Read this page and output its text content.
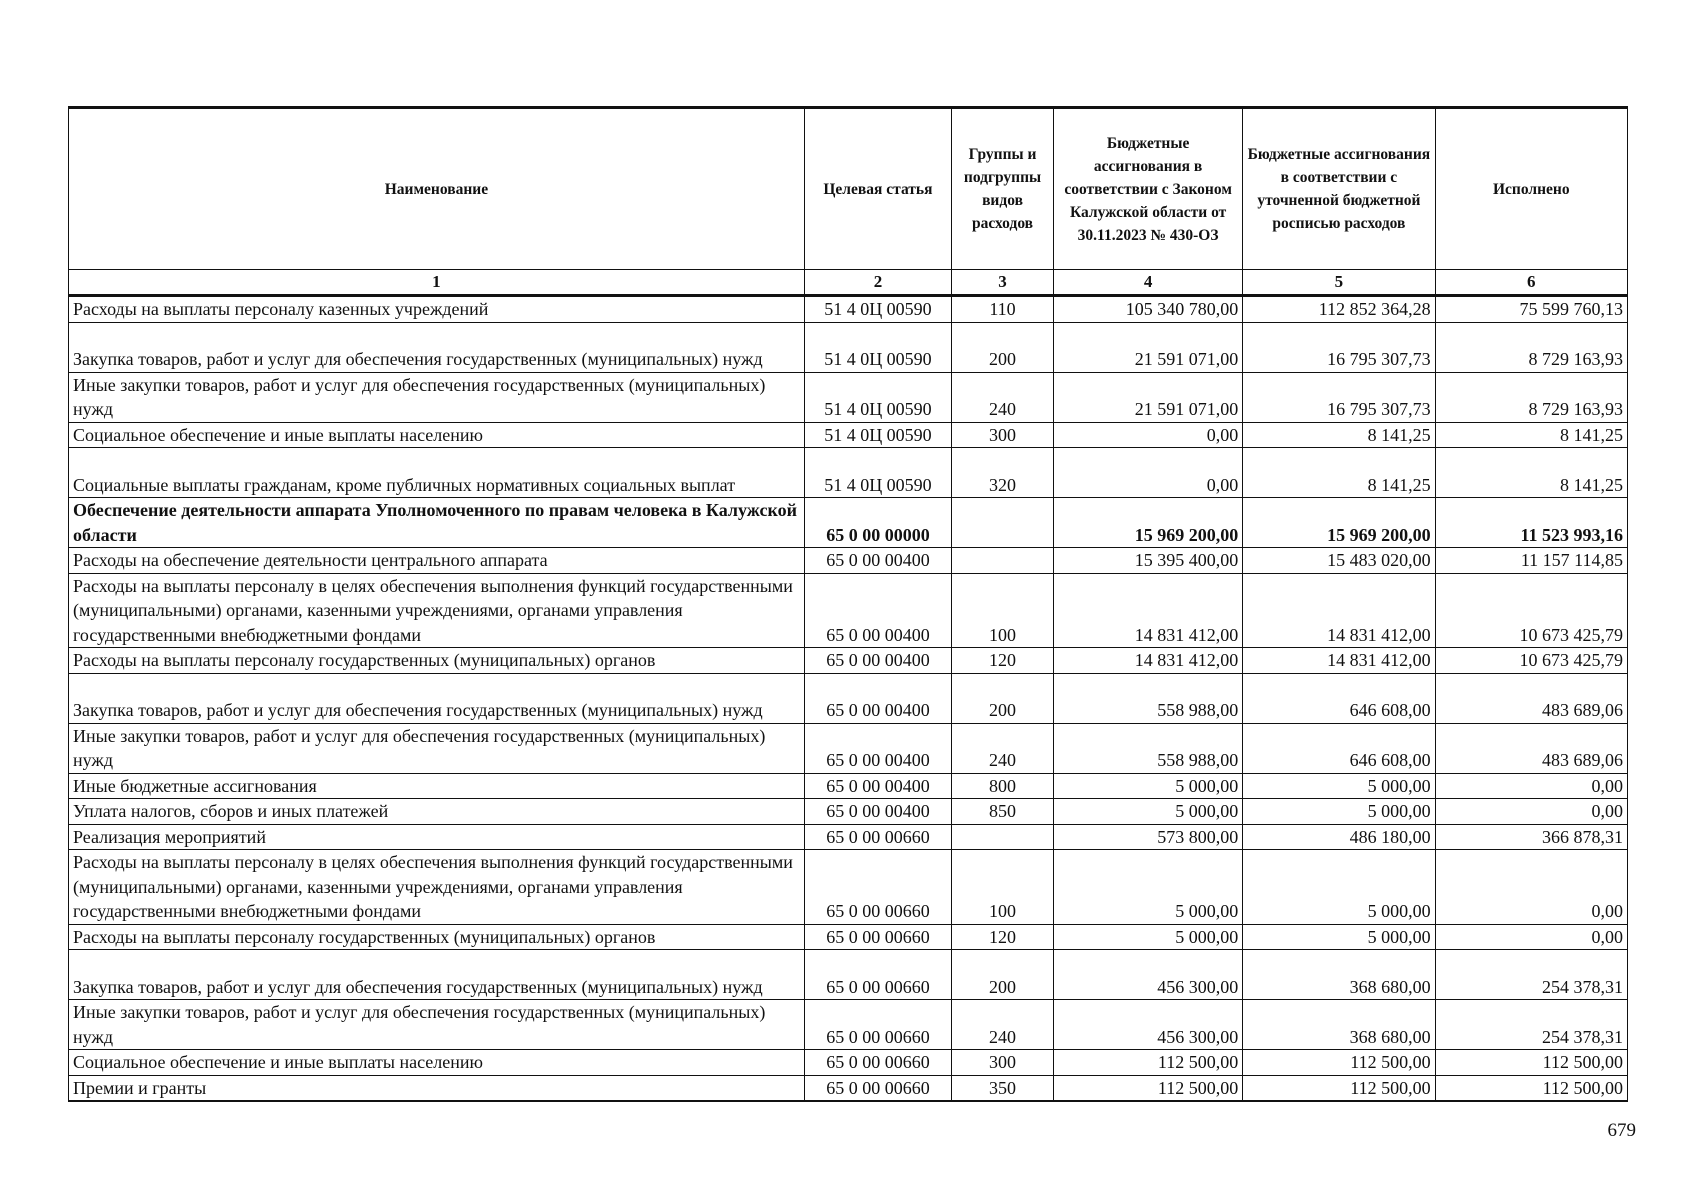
Наименование	Целевая статья	Группы и подгруппы видов расходов	Бюджетные ассигнования в соответствии с Законом Калужской области от 30.11.2023 № 430-ОЗ	Бюджетные ассигнования в соответствии с уточненной бюджетной росписью расходов	Исполнено
1	2	3	4	5	6
Расходы на выплаты персоналу казенных учреждений	51 4 0Ц 00590	110	105 340 780,00	112 852 364,28	75 599 760,13
Закупка товаров, работ и услуг для обеспечения государственных (муниципальных) нужд	51 4 0Ц 00590	200	21 591 071,00	16 795 307,73	8 729 163,93
Иные закупки товаров, работ и услуг для обеспечения государственных (муниципальных) нужд	51 4 0Ц 00590	240	21 591 071,00	16 795 307,73	8 729 163,93
Социальное обеспечение и иные выплаты населению	51 4 0Ц 00590	300	0,00	8 141,25	8 141,25
Социальные выплаты гражданам, кроме публичных нормативных социальных выплат	51 4 0Ц 00590	320	0,00	8 141,25	8 141,25
Обеспечение деятельности аппарата Уполномоченного по правам человека в Калужской области	65 0 00 00000		15 969 200,00	15 969 200,00	11 523 993,16
Расходы на обеспечение деятельности центрального аппарата	65 0 00 00400		15 395 400,00	15 483 020,00	11 157 114,85
Расходы на выплаты персоналу в целях обеспечения выполнения функций государственными (муниципальными) органами, казенными учреждениями, органами управления государственными внебюджетными фондами	65 0 00 00400	100	14 831 412,00	14 831 412,00	10 673 425,79
Расходы на выплаты персоналу государственных (муниципальных) органов	65 0 00 00400	120	14 831 412,00	14 831 412,00	10 673 425,79
Закупка товаров, работ и услуг для обеспечения государственных (муниципальных) нужд	65 0 00 00400	200	558 988,00	646 608,00	483 689,06
Иные закупки товаров, работ и услуг для обеспечения государственных (муниципальных) нужд	65 0 00 00400	240	558 988,00	646 608,00	483 689,06
Иные бюджетные ассигнования	65 0 00 00400	800	5 000,00	5 000,00	0,00
Уплата налогов, сборов и иных платежей	65 0 00 00400	850	5 000,00	5 000,00	0,00
Реализация мероприятий	65 0 00 00660		573 800,00	486 180,00	366 878,31
Расходы на выплаты персоналу в целях обеспечения выполнения функций государственными (муниципальными) органами, казенными учреждениями, органами управления государственными внебюджетными фондами	65 0 00 00660	100	5 000,00	5 000,00	0,00
Расходы на выплаты персоналу государственных (муниципальных) органов	65 0 00 00660	120	5 000,00	5 000,00	0,00
Закупка товаров, работ и услуг для обеспечения государственных (муниципальных) нужд	65 0 00 00660	200	456 300,00	368 680,00	254 378,31
Иные закупки товаров, работ и услуг для обеспечения государственных (муниципальных) нужд	65 0 00 00660	240	456 300,00	368 680,00	254 378,31
Социальное обеспечение и иные выплаты населению	65 0 00 00660	300	112 500,00	112 500,00	112 500,00
Премии и гранты	65 0 00 00660	350	112 500,00	112 500,00	112 500,00
679
